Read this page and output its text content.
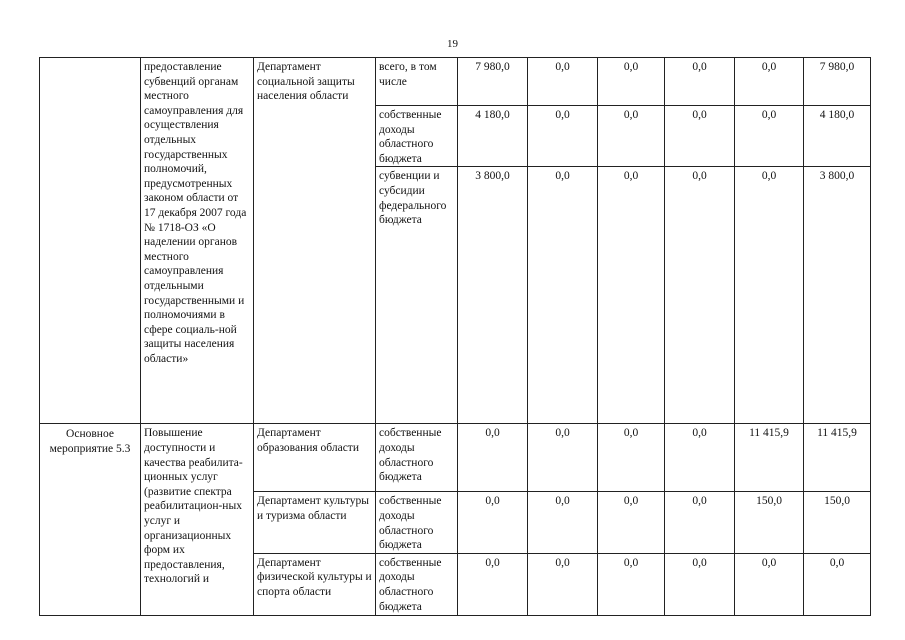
19
	предоставление субвенций органам местного самоуправления для осуществления отдельных государственных полномочий, предусмотренных законом области от 17 декабря 2007 года № 1718-ОЗ «О наделении органов местного самоуправления отдельными государственными и полномочиями в сфере социаль-ной защиты населения области»	Департамент социальной защиты населения области	всего, в том числе	7 980,0	0,0	0,0	0,0	0,0	7 980,0
			собственные доходы областного бюджета	4 180,0	0,0	0,0	0,0	0,0	4 180,0
			субвенции и субсидии федерального бюджета	3 800,0	0,0	0,0	0,0	0,0	3 800,0
Основное мероприятие 5.3	Повышение доступности и качества реабилита-ционных услуг (развитие спектра реабилитацион-ных услуг и организационных форм их предоставления, технологий и	Департамент образования области	собственные доходы областного бюджета	0,0	0,0	0,0	0,0	11 415,9	11 415,9
		Департамент культуры и туризма области	собственные доходы областного бюджета	0,0	0,0	0,0	0,0	150,0	150,0
		Департамент физической культуры и спорта области	собственные доходы областного бюджета	0,0	0,0	0,0	0,0	0,0	0,0
